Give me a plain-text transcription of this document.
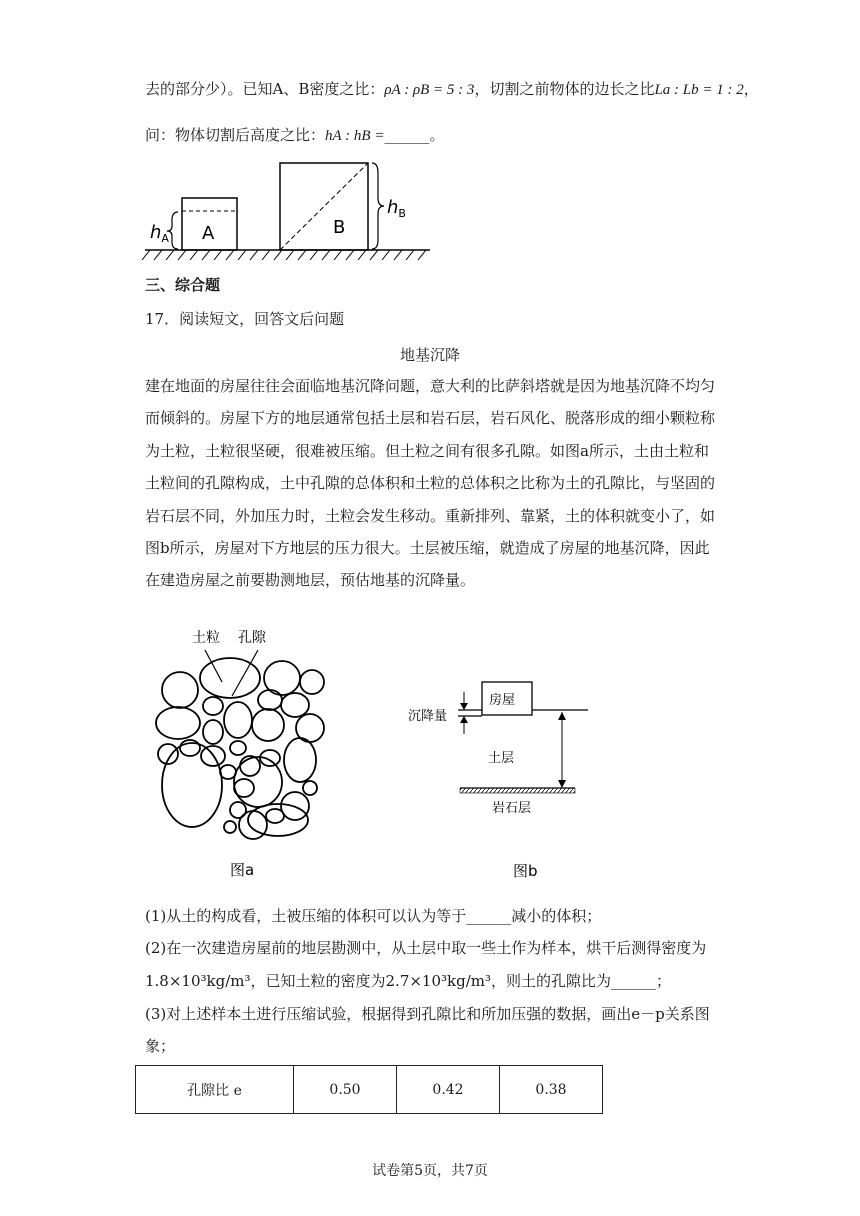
去的部分少）。已知A、B密度之比：ρA : ρB = 5 : 3，切割之前物体的边长之比La : Lb = 1 : 2，
问：物体切割后高度之比：hA : hB =______。
A
$h_A$
B
$h_B$
三、综合题
17．阅读短文，回答文后问题
地基沉降
建在地面的房屋往往会面临地基沉降问题，意大利的比萨斜塔就是因为地基沉降不均匀而倾斜的。房屋下方的地层通常包括土层和岩石层，岩石风化、脱落形成的细小颗粒称为土粒，土粒很坚硬，很难被压缩。但土粒之间有很多孔隙。如图a所示，土由土粒和土粒间的孔隙构成，土中孔隙的总体积和土粒的总体积之比称为土的孔隙比，与坚固的岩石层不同，外加压力时，土粒会发生移动。重新排列、靠紧，土的体积就变小了，如图b所示，房屋对下方地层的压力很大。土层被压缩，就造成了房屋的地基沉降，因此在建造房屋之前要勘测地层，预估地基的沉降量。
土粒 孔隙
图a
房屋
沉降量
土层
岩石层
图b
(1)从土的构成看，土被压缩的体积可以认为等于______减小的体积；
(2)在一次建造房屋前的地层勘测中，从土层中取一些土作为样本，烘干后测得密度为
1.8×10³kg/m³，已知土粒的密度为2.7×10³kg/m³，则土的孔隙比为______；
(3)对上述样本土进行压缩试验，根据得到孔隙比和所加压强的数据，画出e－p关系图
象；
孔隙比 e	0.50	0.42	0.38
试卷第5页，共7页
